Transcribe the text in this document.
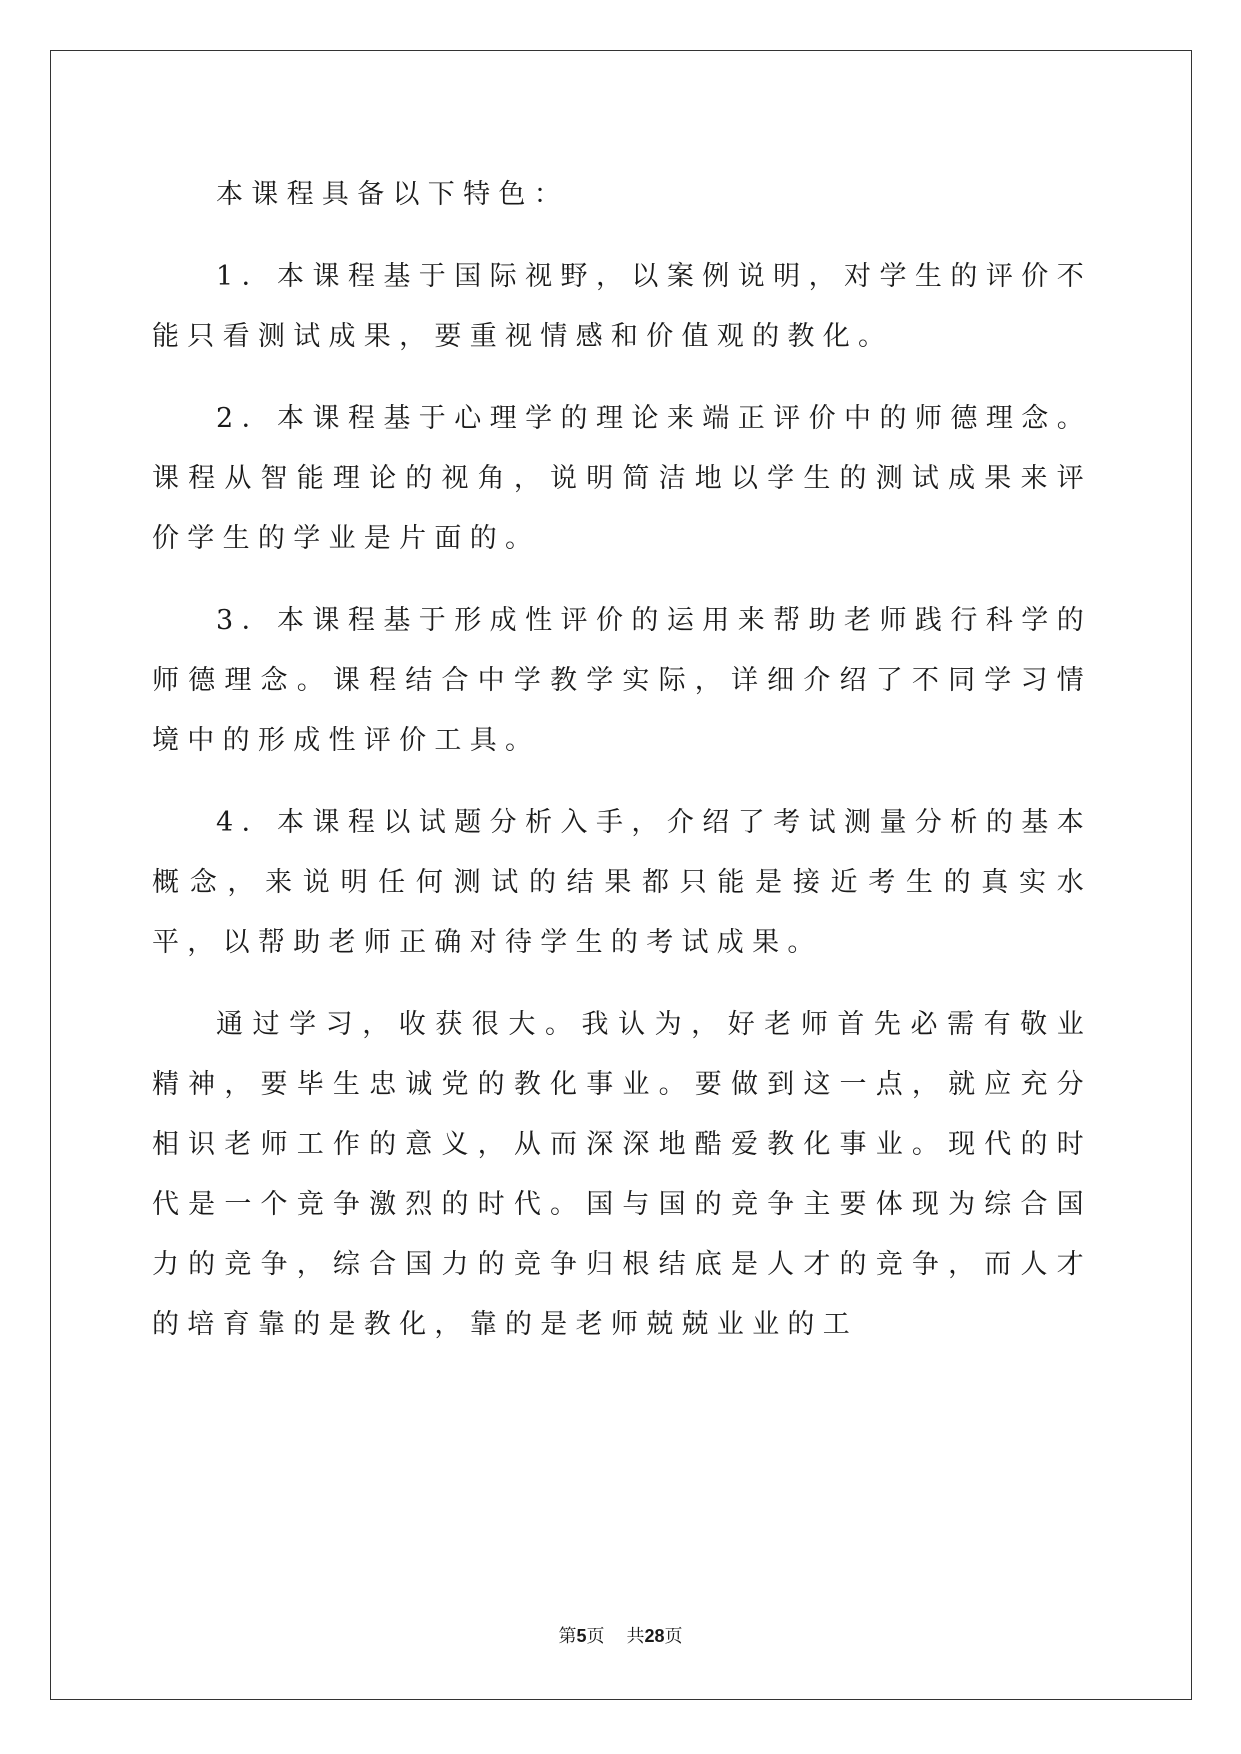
本课程具备以下特色：

1．本课程基于国际视野，以案例说明，对学生的评价不能只看测试成果，要重视情感和价值观的教化。

2．本课程基于心理学的理论来端正评价中的师德理念。课程从智能理论的视角，说明简洁地以学生的测试成果来评价学生的学业是片面的。

3．本课程基于形成性评价的运用来帮助老师践行科学的师德理念。课程结合中学教学实际，详细介绍了不同学习情境中的形成性评价工具。

4．本课程以试题分析入手，介绍了考试测量分析的基本概念，来说明任何测试的结果都只能是接近考生的真实水平，以帮助老师正确对待学生的考试成果。

通过学习，收获很大。我认为，好老师首先必需有敬业精神，要毕生忠诚党的教化事业。要做到这一点，就应充分相识老师工作的意义，从而深深地酷爱教化事业。现代的时代是一个竞争激烈的时代。国与国的竞争主要体现为综合国力的竞争，综合国力的竞争归根结底是人才的竞争，而人才的培育靠的是教化，靠的是老师兢兢业业的工

第5页 共28页
